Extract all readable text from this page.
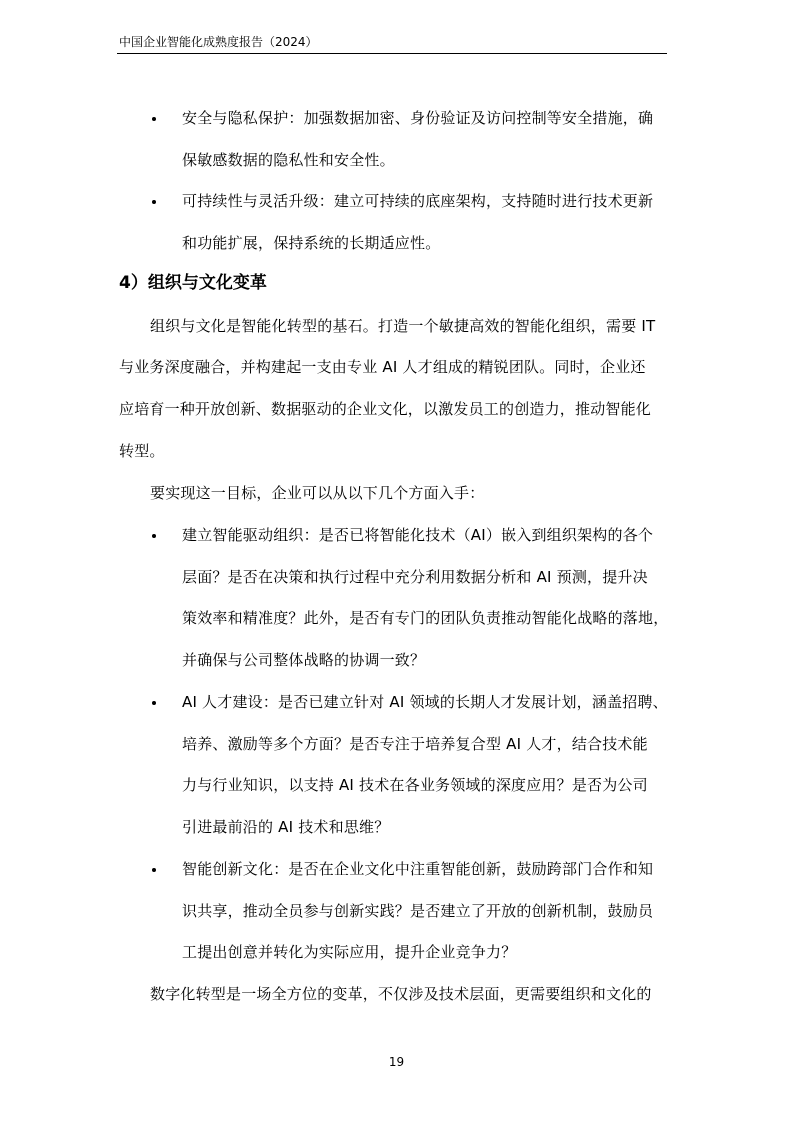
中国企业智能化成熟度报告（2024）
安全与隐私保护：加强数据加密、身份验证及访问控制等安全措施，确
保敏感数据的隐私性和安全性。
可持续性与灵活升级：建立可持续的底座架构，支持随时进行技术更新
和功能扩展，保持系统的长期适应性。
4）组织与文化变革
组织与文化是智能化转型的基石。打造一个敏捷高效的智能化组织，需要 IT
与业务深度融合，并构建起一支由专业 AI 人才组成的精锐团队。同时，企业还
应培育一种开放创新、数据驱动的企业文化，以激发员工的创造力，推动智能化
转型。
要实现这一目标，企业可以从以下几个方面入手：
建立智能驱动组织：是否已将智能化技术（AI）嵌入到组织架构的各个
层面？是否在决策和执行过程中充分利用数据分析和 AI 预测，提升决
策效率和精准度？此外，是否有专门的团队负责推动智能化战略的落地，
并确保与公司整体战略的协调一致？
AI 人才建设：是否已建立针对 AI 领域的长期人才发展计划，涵盖招聘、
培养、激励等多个方面？是否专注于培养复合型 AI 人才，结合技术能
力与行业知识，以支持 AI 技术在各业务领域的深度应用？是否为公司
引进最前沿的 AI 技术和思维？
智能创新文化：是否在企业文化中注重智能创新，鼓励跨部门合作和知
识共享，推动全员参与创新实践？是否建立了开放的创新机制，鼓励员
工提出创意并转化为实际应用，提升企业竞争力？
数字化转型是一场全方位的变革，不仅涉及技术层面，更需要组织和文化的
19
